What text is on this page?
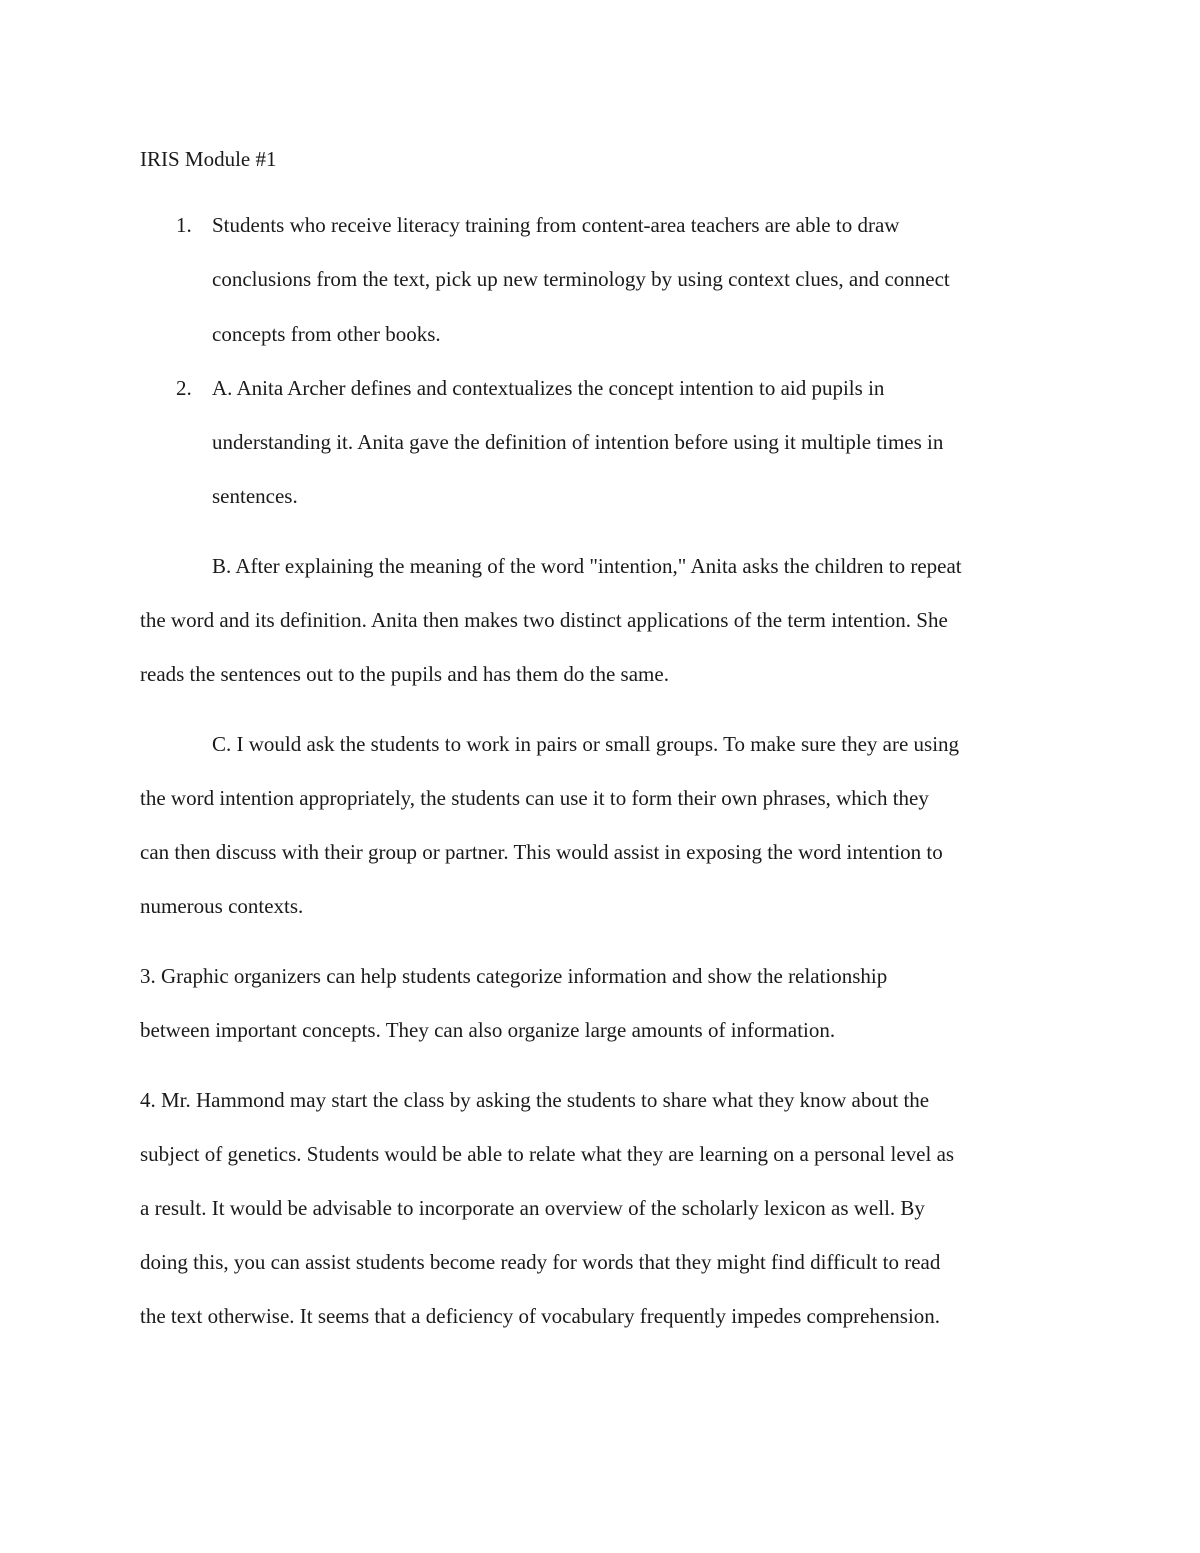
IRIS Module #1
1. Students who receive literacy training from content-area teachers are able to draw
conclusions from the text, pick up new terminology by using context clues, and connect
concepts from other books.
2. A. Anita Archer defines and contextualizes the concept intention to aid pupils in
understanding it. Anita gave the definition of intention before using it multiple times in
sentences.
B. After explaining the meaning of the word "intention," Anita asks the children to repeat
the word and its definition. Anita then makes two distinct applications of the term intention. She
reads the sentences out to the pupils and has them do the same.
C. I would ask the students to work in pairs or small groups. To make sure they are using
the word intention appropriately, the students can use it to form their own phrases, which they
can then discuss with their group or partner. This would assist in exposing the word intention to
numerous contexts.
3. Graphic organizers can help students categorize information and show the relationship
between important concepts. They can also organize large amounts of information.
4. Mr. Hammond may start the class by asking the students to share what they know about the
subject of genetics. Students would be able to relate what they are learning on a personal level as
a result. It would be advisable to incorporate an overview of the scholarly lexicon as well. By
doing this, you can assist students become ready for words that they might find difficult to read
the text otherwise. It seems that a deficiency of vocabulary frequently impedes comprehension.
